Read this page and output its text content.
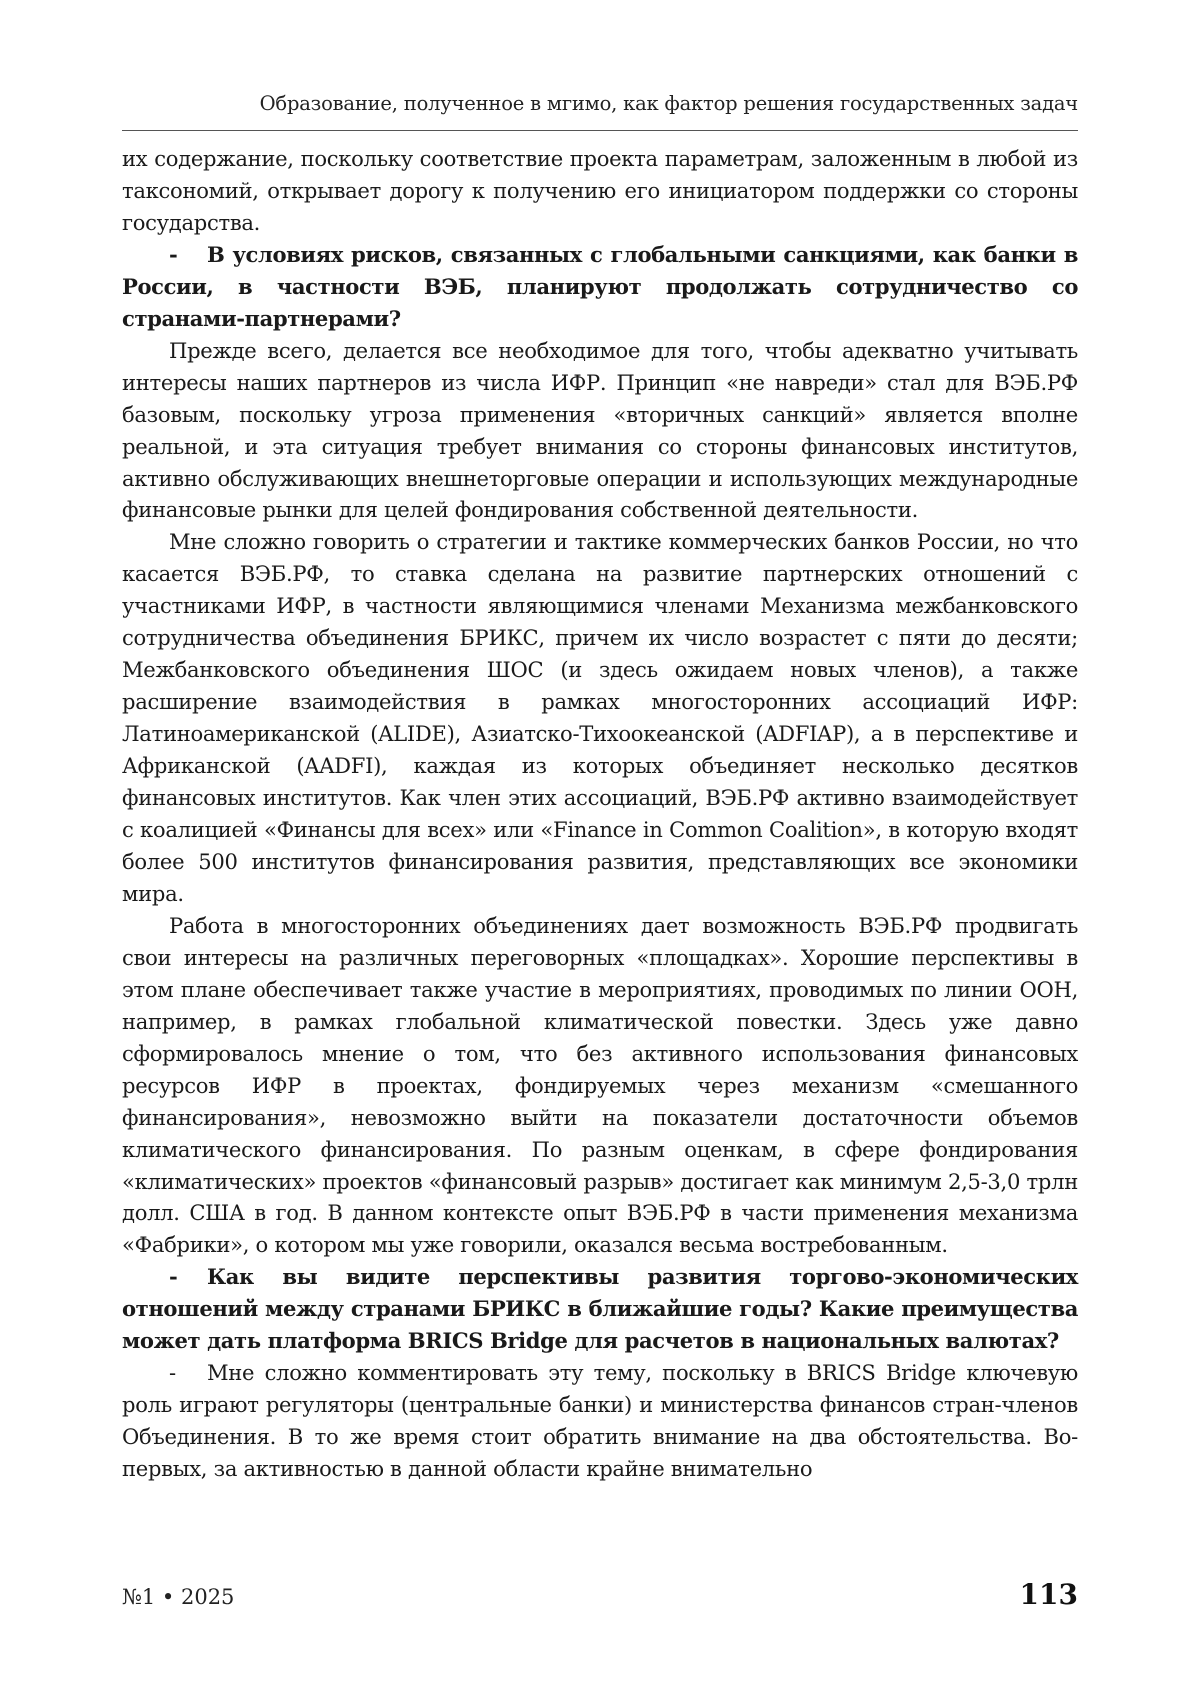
Образование, полученное в мгимо, как фактор решения государственных задач

их содержание, поскольку соответствие проекта параметрам, заложенным в любой из таксономий, открывает дорогу к получению его инициатором поддержки со стороны государства.

- В условиях рисков, связанных с глобальными санкциями, как банки в России, в частности ВЭБ, планируют продолжать сотрудничество со странами-партнерами?

Прежде всего, делается все необходимое для того, чтобы адекватно учитывать интересы наших партнеров из числа ИФР. Принцип «не навреди» стал для ВЭБ.РФ базовым, поскольку угроза применения «вторичных санкций» является вполне реальной, и эта ситуация требует внимания со стороны финансовых институтов, активно обслуживающих внешнеторговые операции и использующих международные финансовые рынки для целей фондирования собственной деятельности.

Мне сложно говорить о стратегии и тактике коммерческих банков России, но что касается ВЭБ.РФ, то ставка сделана на развитие партнерских отношений с участниками ИФР, в частности являющимися членами Механизма межбанковского сотрудничества объединения БРИКС, причем их число возрастет с пяти до десяти; Межбанковского объединения ШОС (и здесь ожидаем новых членов), а также расширение взаимодействия в рамках многосторонних ассоциаций ИФР: Латиноамериканской (ALIDE), Азиатско-Тихоокеанской (ADFIAP), а в перспективе и Африканской (AADFI), каждая из которых объединяет несколько десятков финансовых институтов. Как член этих ассоциаций, ВЭБ.РФ активно взаимодействует с коалицией «Финансы для всех» или «Finance in Common Coalition», в которую входят более 500 институтов финансирования развития, представляющих все экономики мира.

Работа в многосторонних объединениях дает возможность ВЭБ.РФ продвигать свои интересы на различных переговорных «площадках». Хорошие перспективы в этом плане обеспечивает также участие в мероприятиях, проводимых по линии ООН, например, в рамках глобальной климатической повестки. Здесь уже давно сформировалось мнение о том, что без активного использования финансовых ресурсов ИФР в проектах, фондируемых через механизм «смешанного финансирования», невозможно выйти на показатели достаточности объемов климатического финансирования. По разным оценкам, в сфере фондирования «климатических» проектов «финансовый разрыв» достигает как минимум 2,5-3,0 трлн долл. США в год. В данном контексте опыт ВЭБ.РФ в части применения механизма «Фабрики», о котором мы уже говорили, оказался весьма востребованным.

- Как вы видите перспективы развития торгово-экономических отношений между странами БРИКС в ближайшие годы? Какие преимущества может дать платформа BRICS Bridge для расчетов в национальных валютах?

- Мне сложно комментировать эту тему, поскольку в BRICS Bridge ключевую роль играют регуляторы (центральные банки) и министерства финансов стран-членов Объединения. В то же время стоит обратить внимание на два обстоятельства. Во-первых, за активностью в данной области крайне внимательно

№1 • 2025	113
